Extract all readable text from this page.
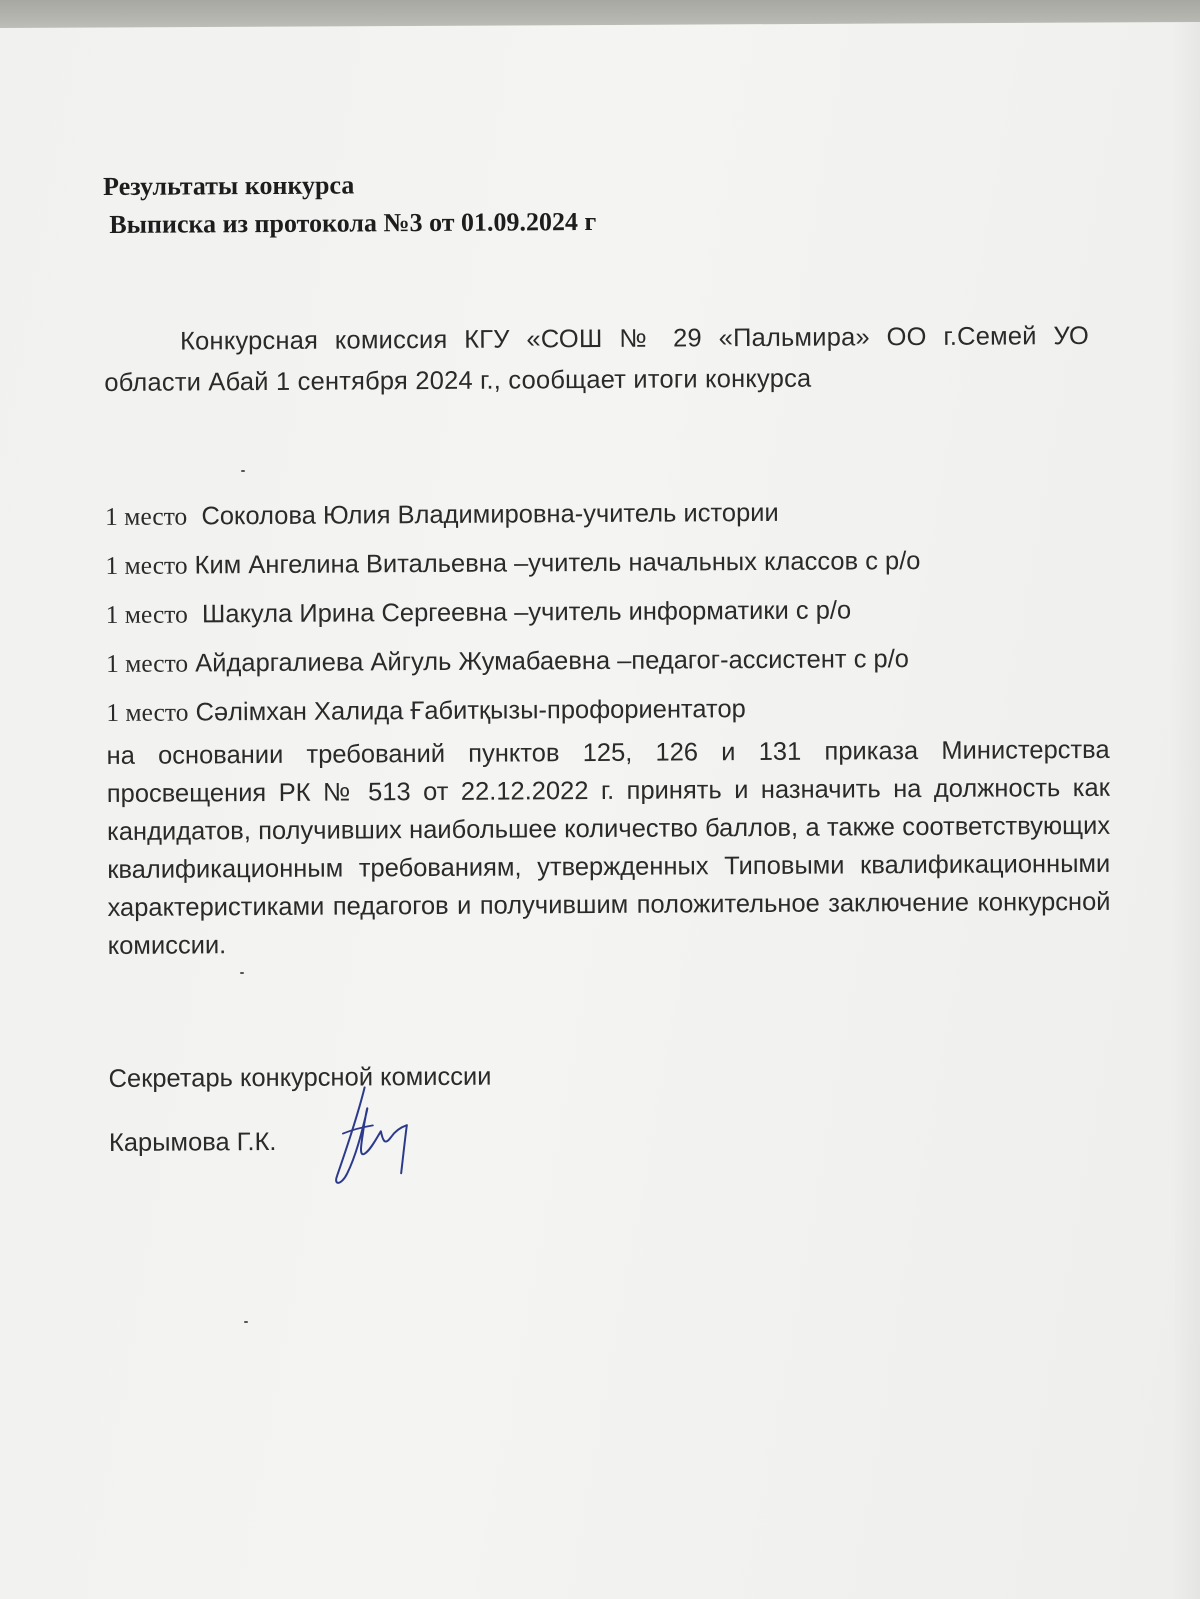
Результаты конкурса

Выписка из протокола №3 от 01.09.2024 г

Конкурсная комиссия КГУ «СОШ № 29 «Пальмира» ОО г.Семей УО области Абай 1 сентября 2024 г., сообщает итоги конкурса
1 место Соколова Юлия Владимировна-учитель истории
1 место Ким Ангелина Витальевна –учитель начальных классов с р/о
1 место Шакула Ирина Сергеевна –учитель информатики с р/о
1 место Айдаргалиева Айгуль Жумабаевна –педагог-ассистент с р/о
1 место Сәлімхан Халида Ғабитқызы-профориентатор
на основании требований пунктов 125, 126 и 131 приказа Министерства просвещения РК № 513 от 22.12.2022 г. принять и назначить на должность как кандидатов, получивших наибольшее количество баллов, а также соответствующих квалификационным требованиям, утвержденных Типовыми квалификационными характеристиками педагогов и получившим положительное заключение конкурсной комиссии.
Секретарь конкурсной комиссии
Карымова Г.К.
